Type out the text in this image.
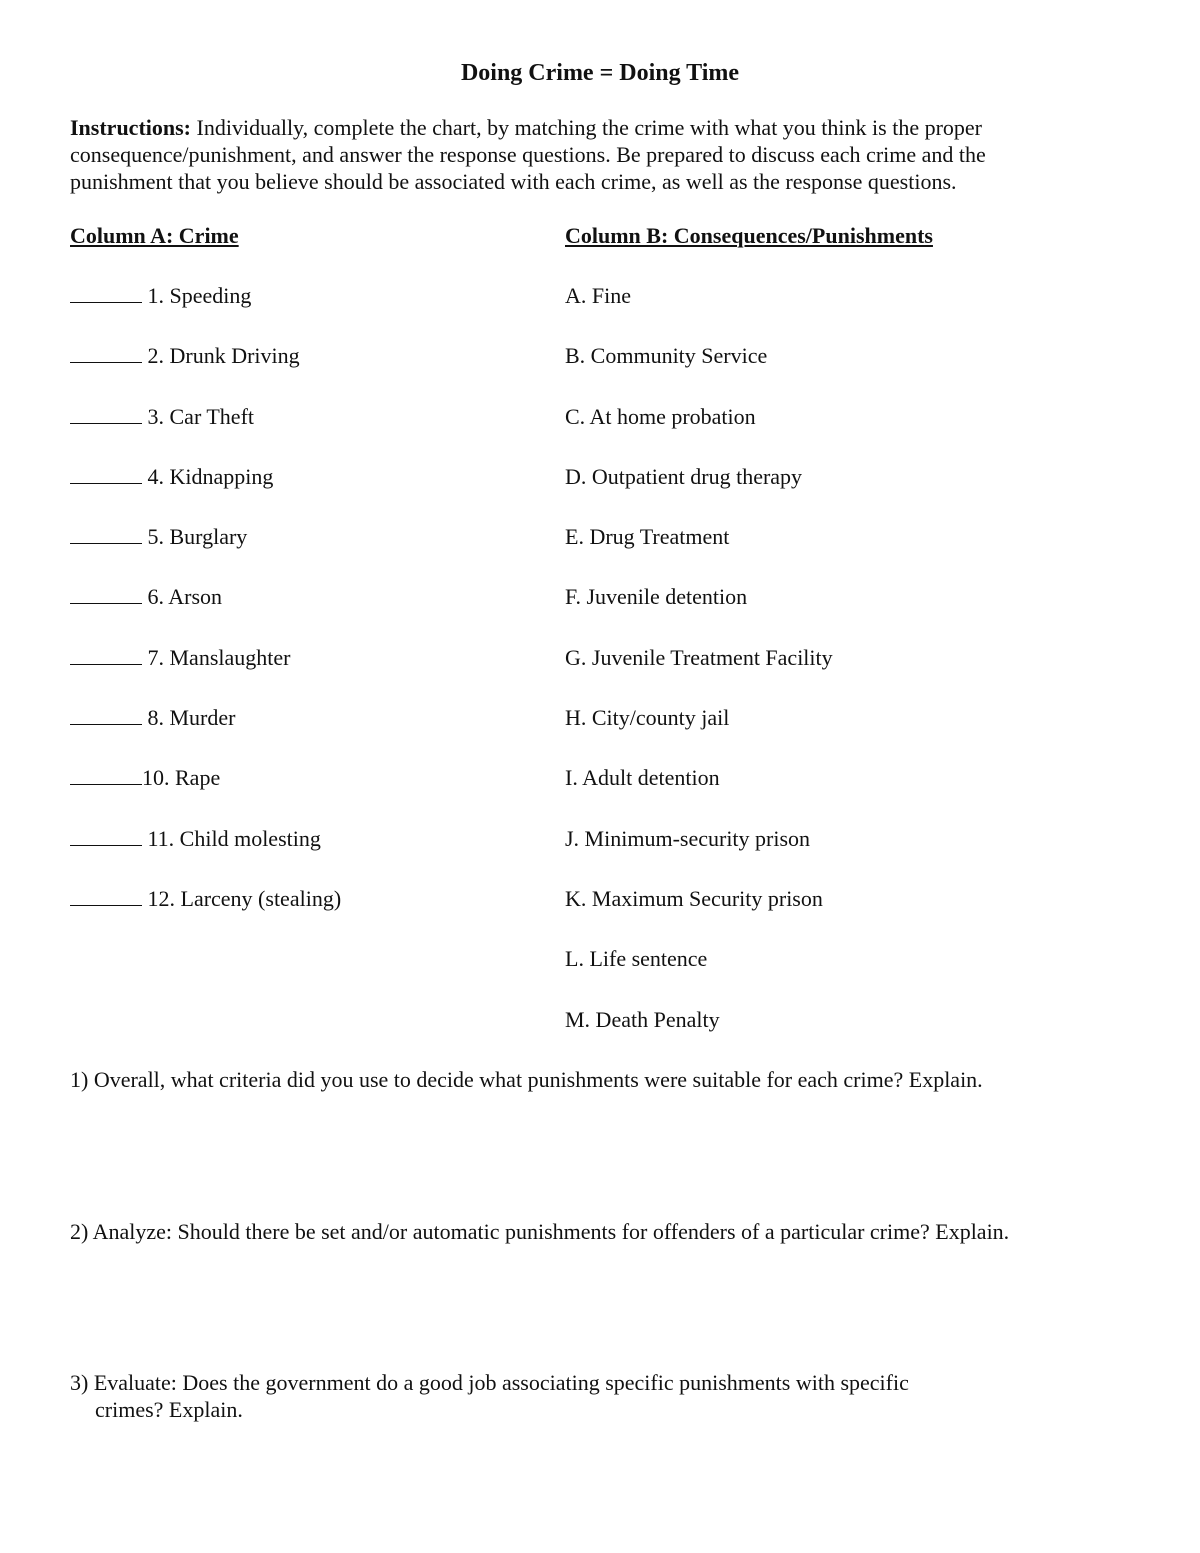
Doing Crime = Doing Time

Instructions: Individually, complete the chart, by matching the crime with what you think is the proper consequence/punishment, and answer the response questions. Be prepared to discuss each crime and the punishment that you believe should be associated with each crime, as well as the response questions.

Column A: Crime	Column B: Consequences/Punishments
1. Speeding
2. Drunk Driving
3. Car Theft
4. Kidnapping
5. Burglary
6. Arson
7. Manslaughter
8. Murder
10. Rape
11. Child molesting
12. Larceny (stealing)
A. Fine
B. Community Service
C. At home probation
D. Outpatient drug therapy
E. Drug Treatment
F. Juvenile detention
G. Juvenile Treatment Facility
H. City/county jail
I. Adult detention
J. Minimum-security prison
K. Maximum Security prison
L. Life sentence
M. Death Penalty

1) Overall, what criteria did you use to decide what punishments were suitable for each crime? Explain.

2) Analyze: Should there be set and/or automatic punishments for offenders of a particular crime? Explain.

3) Evaluate: Does the government do a good job associating specific punishments with specific
crimes? Explain.
